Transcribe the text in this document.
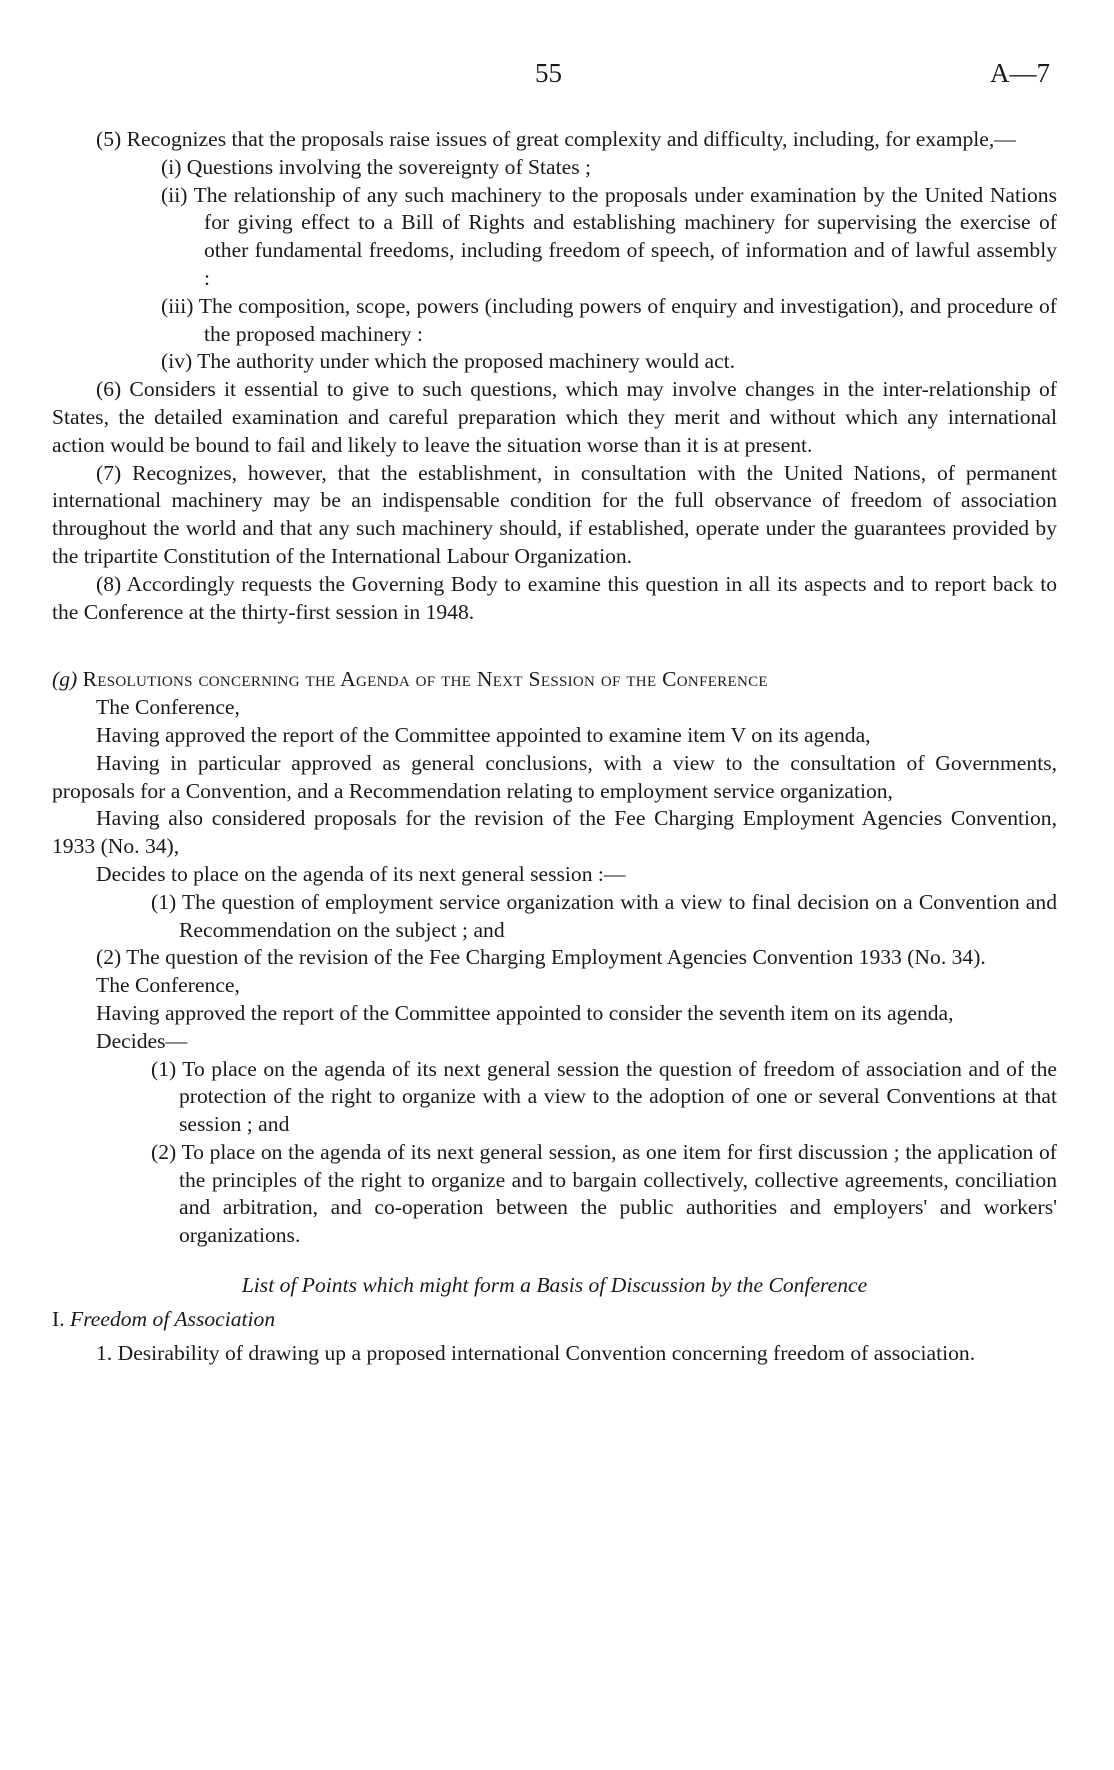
55	A—7

(5) Recognizes that the proposals raise issues of great complexity and difficulty, including, for example,—

(i) Questions involving the sovereignty of States ;

(ii) The relationship of any such machinery to the proposals under examination by the United Nations for giving effect to a Bill of Rights and establishing machinery for supervising the exercise of other fundamental freedoms, including freedom of speech, of information and of lawful assembly :

(iii) The composition, scope, powers (including powers of enquiry and investigation), and procedure of the proposed machinery :

(iv) The authority under which the proposed machinery would act.

(6) Considers it essential to give to such questions, which may involve changes in the inter-relationship of States, the detailed examination and careful preparation which they merit and without which any international action would be bound to fail and likely to leave the situation worse than it is at present.

(7) Recognizes, however, that the establishment, in consultation with the United Nations, of permanent international machinery may be an indispensable condition for the full observance of freedom of association throughout the world and that any such machinery should, if established, operate under the guarantees provided by the tripartite Constitution of the International Labour Organization.

(8) Accordingly requests the Governing Body to examine this question in all its aspects and to report back to the Conference at the thirty-first session in 1948.

(g) Resolutions concerning the Agenda of the Next Session of the Conference

The Conference,

Having approved the report of the Committee appointed to examine item V on its agenda,

Having in particular approved as general conclusions, with a view to the consultation of Governments, proposals for a Convention, and a Recommendation relating to employment service organization,

Having also considered proposals for the revision of the Fee Charging Employment Agencies Convention, 1933 (No. 34),

Decides to place on the agenda of its next general session :—

(1) The question of employment service organization with a view to final decision on a Convention and Recommendation on the subject ; and

(2) The question of the revision of the Fee Charging Employment Agencies Convention 1933 (No. 34).

The Conference,

Having approved the report of the Committee appointed to consider the seventh item on its agenda,

Decides—

(1) To place on the agenda of its next general session the question of freedom of association and of the protection of the right to organize with a view to the adoption of one or several Conventions at that session ; and

(2) To place on the agenda of its next general session, as one item for first discussion ; the application of the principles of the right to organize and to bargain collectively, collective agreements, conciliation and arbitration, and co-operation between the public authorities and employers' and workers' organizations.

List of Points which might form a Basis of Discussion by the Conference

I. Freedom of Association

1. Desirability of drawing up a proposed international Convention concerning freedom of association.
